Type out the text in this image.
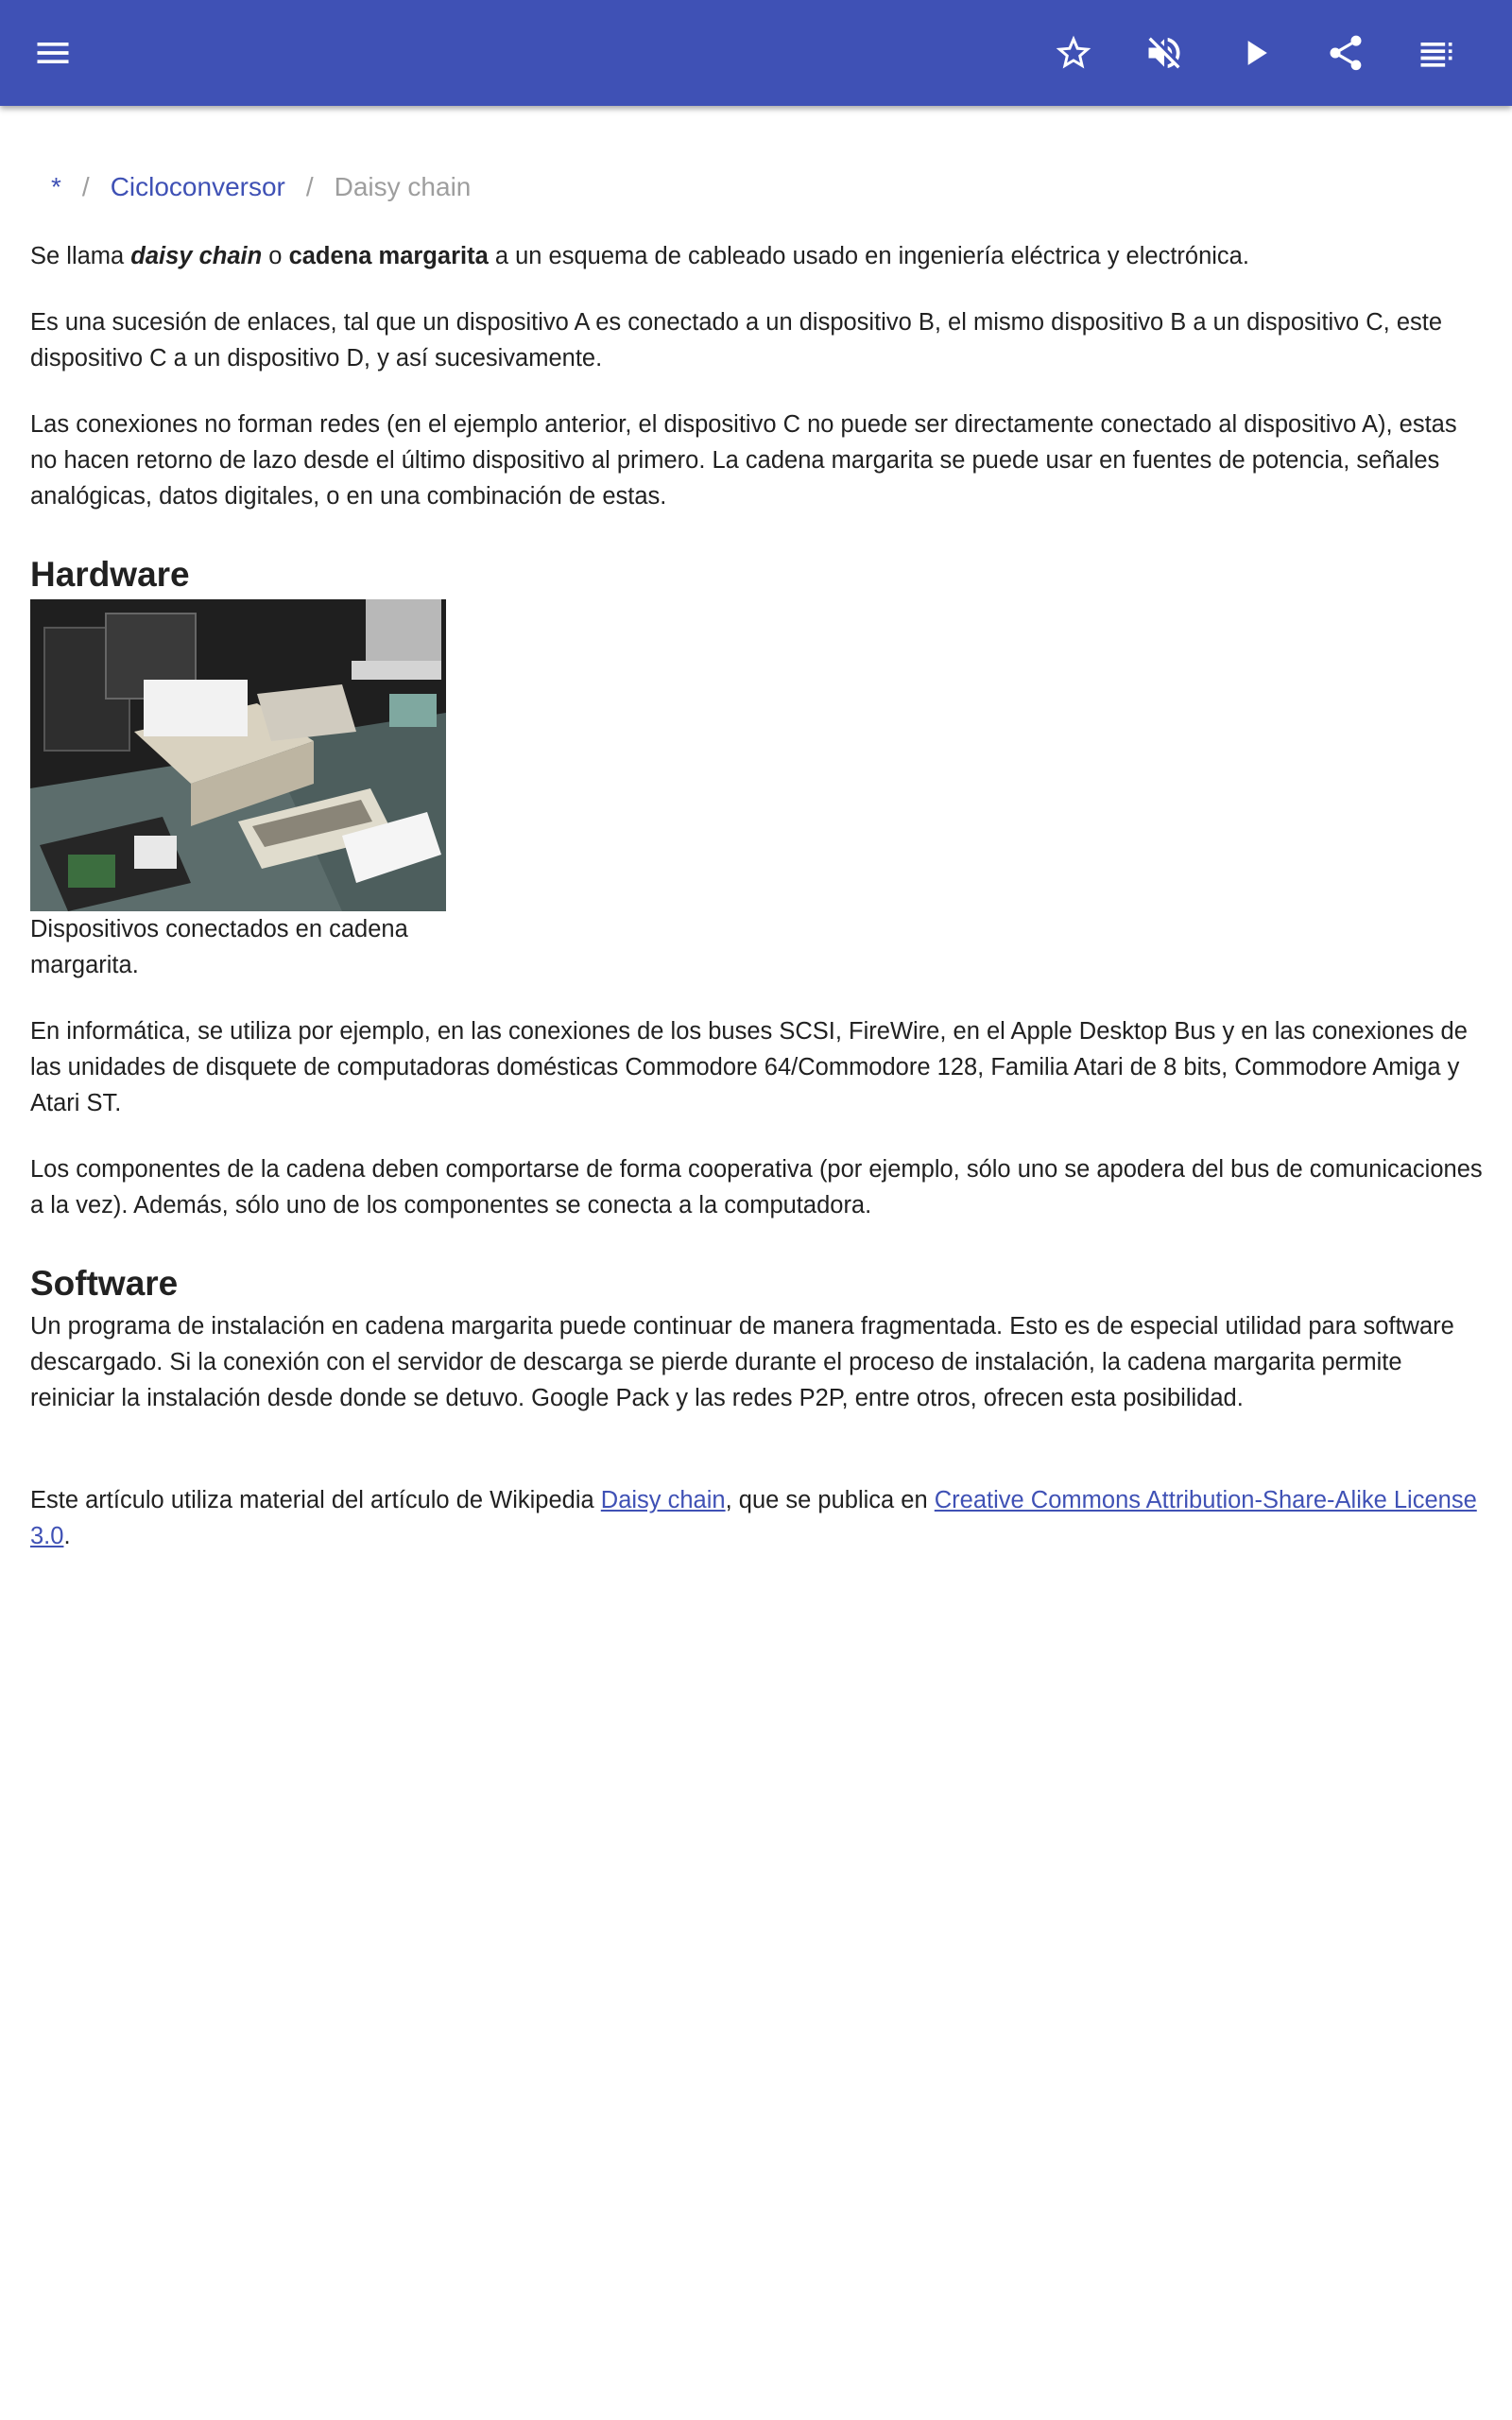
* / Cicloconversor / Daisy chain

Se llama daisy chain o cadena margarita a un esquema de cableado usado en ingeniería eléctrica y electrónica.

Es una sucesión de enlaces, tal que un dispositivo A es conectado a un dispositivo B, el mismo dispositivo B a un dispositivo C, este dispositivo C a un dispositivo D, y así sucesivamente.

Las conexiones no forman redes (en el ejemplo anterior, el dispositivo C no puede ser directamente conectado al dispositivo A), estas no hacen retorno de lazo desde el último dispositivo al primero. La cadena margarita se puede usar en fuentes de potencia, señales analógicas, datos digitales, o en una combinación de estas.

Hardware

Dispositivos conectados en cadena margarita.

En informática, se utiliza por ejemplo, en las conexiones de los buses SCSI, FireWire, en el Apple Desktop Bus y en las conexiones de las unidades de disquete de computadoras domésticas Commodore 64/Commodore 128, Familia Atari de 8 bits, Commodore Amiga y Atari ST.

Los componentes de la cadena deben comportarse de forma cooperativa (por ejemplo, sólo uno se apodera del bus de comunicaciones a la vez). Además, sólo uno de los componentes se conecta a la computadora.

Software

Un programa de instalación en cadena margarita puede continuar de manera fragmentada. Esto es de especial utilidad para software descargado. Si la conexión con el servidor de descarga se pierde durante el proceso de instalación, la cadena margarita permite reiniciar la instalación desde donde se detuvo. Google Pack y las redes P2P, entre otros, ofrecen esta posibilidad.

Este artículo utiliza material del artículo de Wikipedia Daisy chain, que se publica en Creative Commons Attribution-Share-Alike License 3.0.
